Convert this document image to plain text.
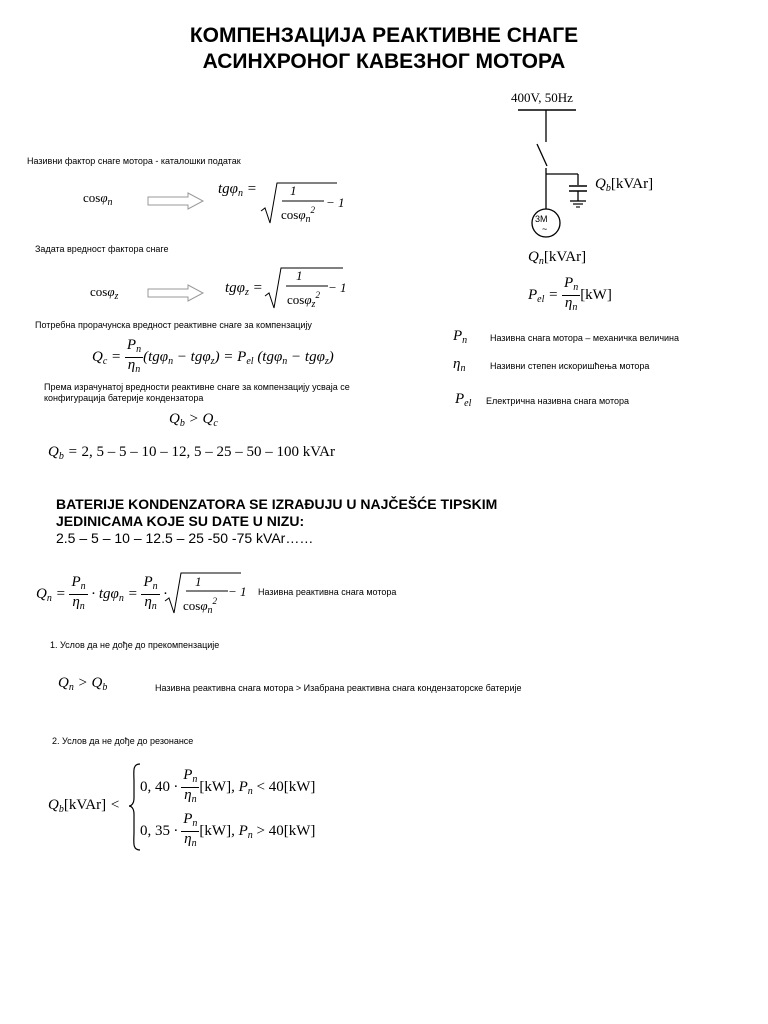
КОМПЕНЗАЦИЈА РЕАКТИВНЕ СНАГЕ
АСИНХРОНОГ КАВЕЗНОГ МОТОРА
400V, 50Hz
3M
~
$Q_b[kVAr]$
$Q_n[kVAr]$
$P_{el} = \frac{P_n}{\eta_n} [kW]$
$P_n$	Називна снага мотора – механичка величина
$\eta_n$	Називни степен искоришћења мотора
$P_{el}$ Електрична називна снага мотора
Називни фактор снаге мотора - каталошки податак
cosφ$_n$
tgφ$_n$ =	1
cosφ$_n^2$ − 1
Задата вредност фактора снаге
cosφ$_z$
tgφ$_z$ =
1
cosφ$_z^2$ − 1
Потребна прорачунска вредност реактивне снаге за компензацију
$Q_c = \frac{P_n}{\eta_n} (tg\varphi_n - tg\varphi_z) = P_{el}$ (tgφ$_n$ − tgφ$_z$)
Према израчунатој вредности реактивне снаге за компензацију усваја се конфигурација батерије кондензатора
$Q_b > Q_c$
$Q_b = 2$, 5 – 5 – 10 – 12, 5 – 25 – 50 – 100 kVAr
BATERIJE KONDENZATORA SE IZRAĐUJU U NAJČEŠĆE TIPSKIM
JEDINICAMA KOJE SU DATE U NIZU:
2.5 – 5 – 10 – 12.5 – 25 -50 -75 kVAr……
$Q_n = \frac{P_n}{\eta_n} \cdot tg\varphi_n = \frac{P_n}{\eta_n}$ ·
1
cosφ$_n^2$
− 1 Називна реактивна снага мотора
1. Услов да не дође до прекомпензације
$Q_n > Q_b$	Називна реактивна снага мотора > Изабрана реактивна снага кондензаторске батерије
2. Услов да не дође до резонансе
$Q_b[kVAr]$ <
0, $40 \cdot \frac{P_n}{\eta_n} [kW]$, $P_n < 40[kW]$
0, $35 \cdot \frac{P_n}{\eta_n} [kW]$, $P_n > 40[kW]$
